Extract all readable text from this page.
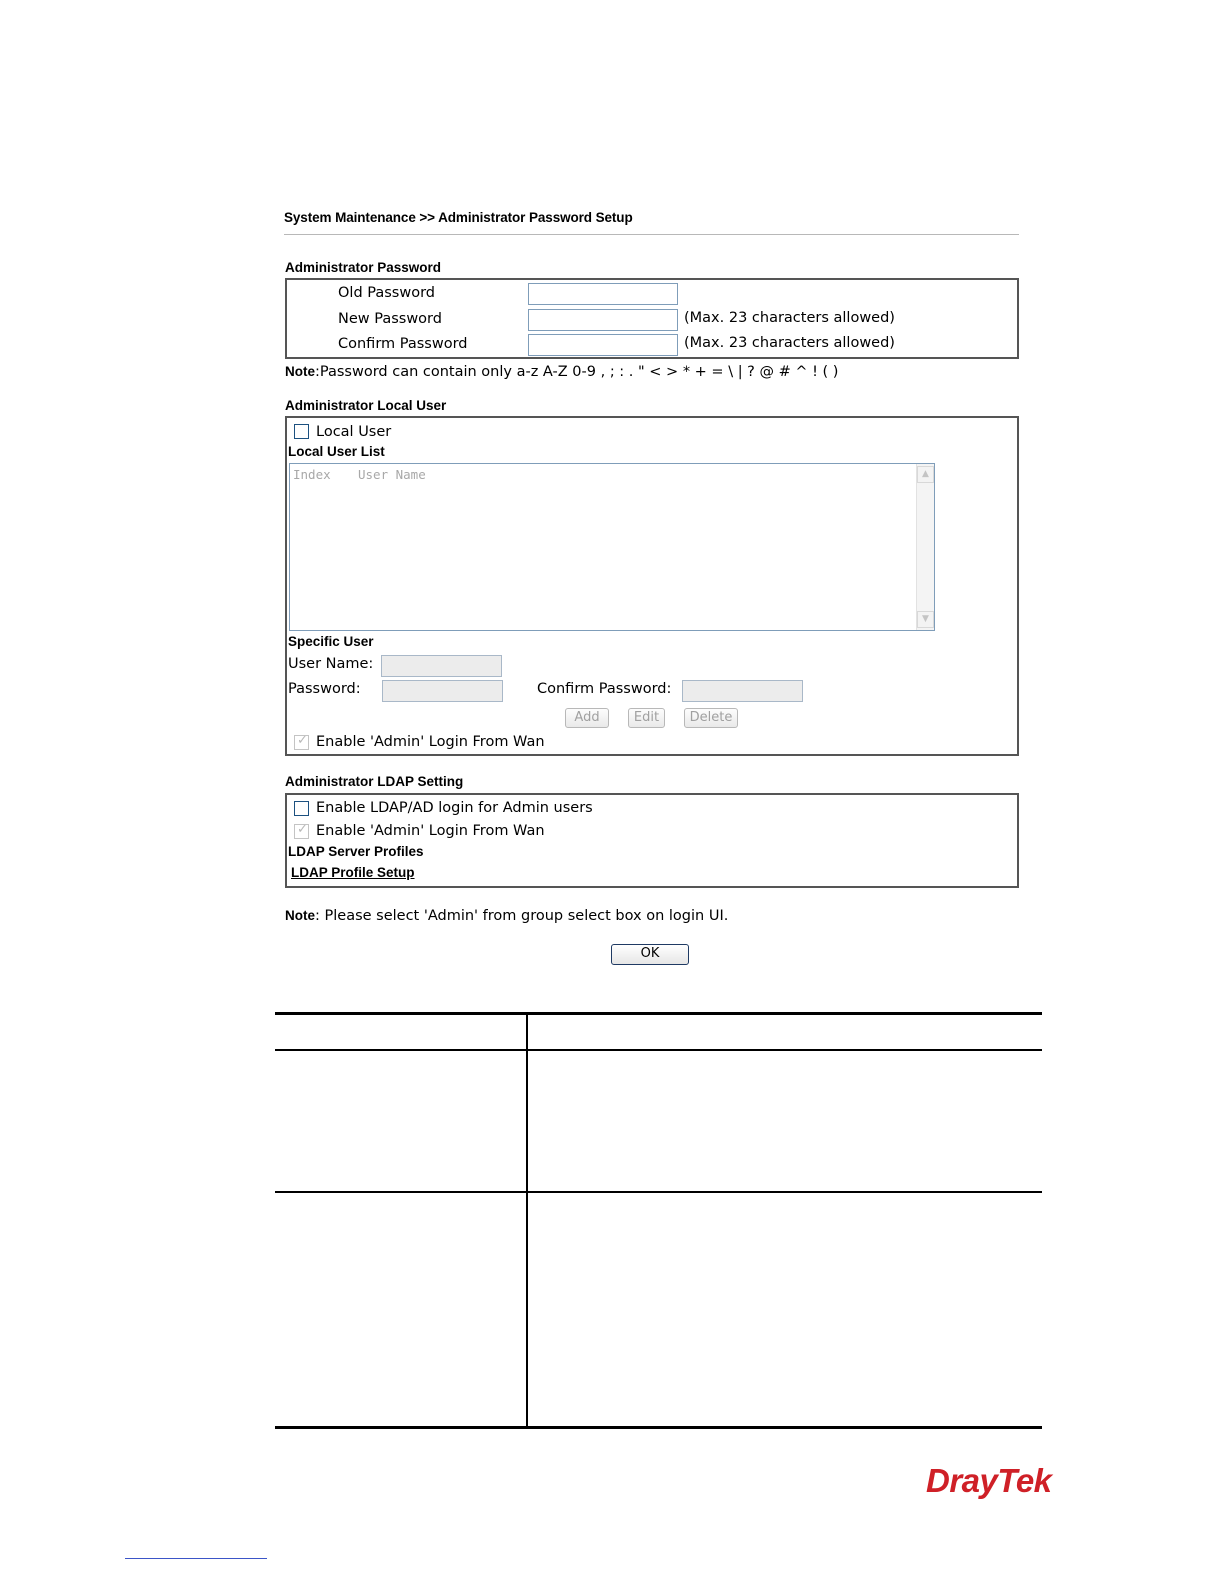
System Maintenance >> Administrator Password Setup
Administrator Password
Old Password
New Password	(Max. 23 characters allowed)
Confirm Password	(Max. 23 characters allowed)
Note:Password can contain only a-z A-Z 0-9 , ; : . " < > * + = \ | ? @ # ^ ! ( )
Administrator Local User
Local User
Local User List
Index User Name	▲
▼
Specific User
User Name:
Password:	Confirm Password:
Add	Edit	Delete
✓ Enable 'Admin' Login From Wan
Administrator LDAP Setting
Enable LDAP/AD login for Admin users
✓ Enable 'Admin' Login From Wan
LDAP Server Profiles
LDAP Profile Setup
Note: Please select 'Admin' from group select box on login UI.
OK
DrayTek
